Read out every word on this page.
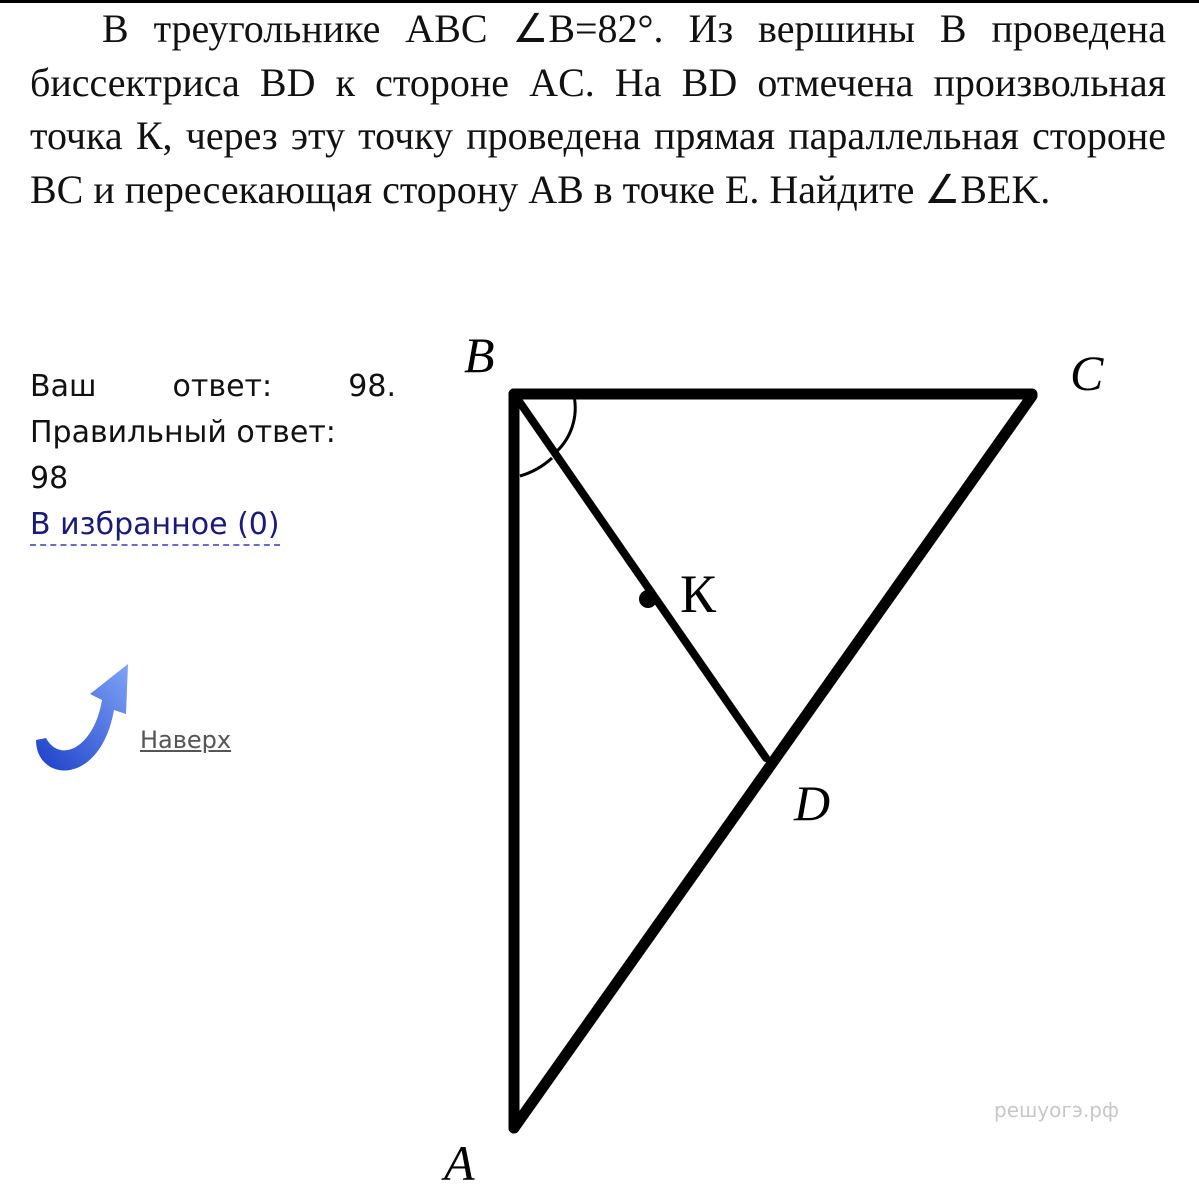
В треугольнике ABC ∠B=82°. Из вершины B проведена биссектриса BD к стороне AC. На BD отмечена произвольная точка К, через эту точку проведена прямая параллельная стороне BC и пересекающая сторону AB в точке E. Найдите ∠BEK.
Ваш ответ:	98.
Правильный ответ:
98
В избранное (0)
Наверх
B	C
A
D
К
решуогэ.рф
